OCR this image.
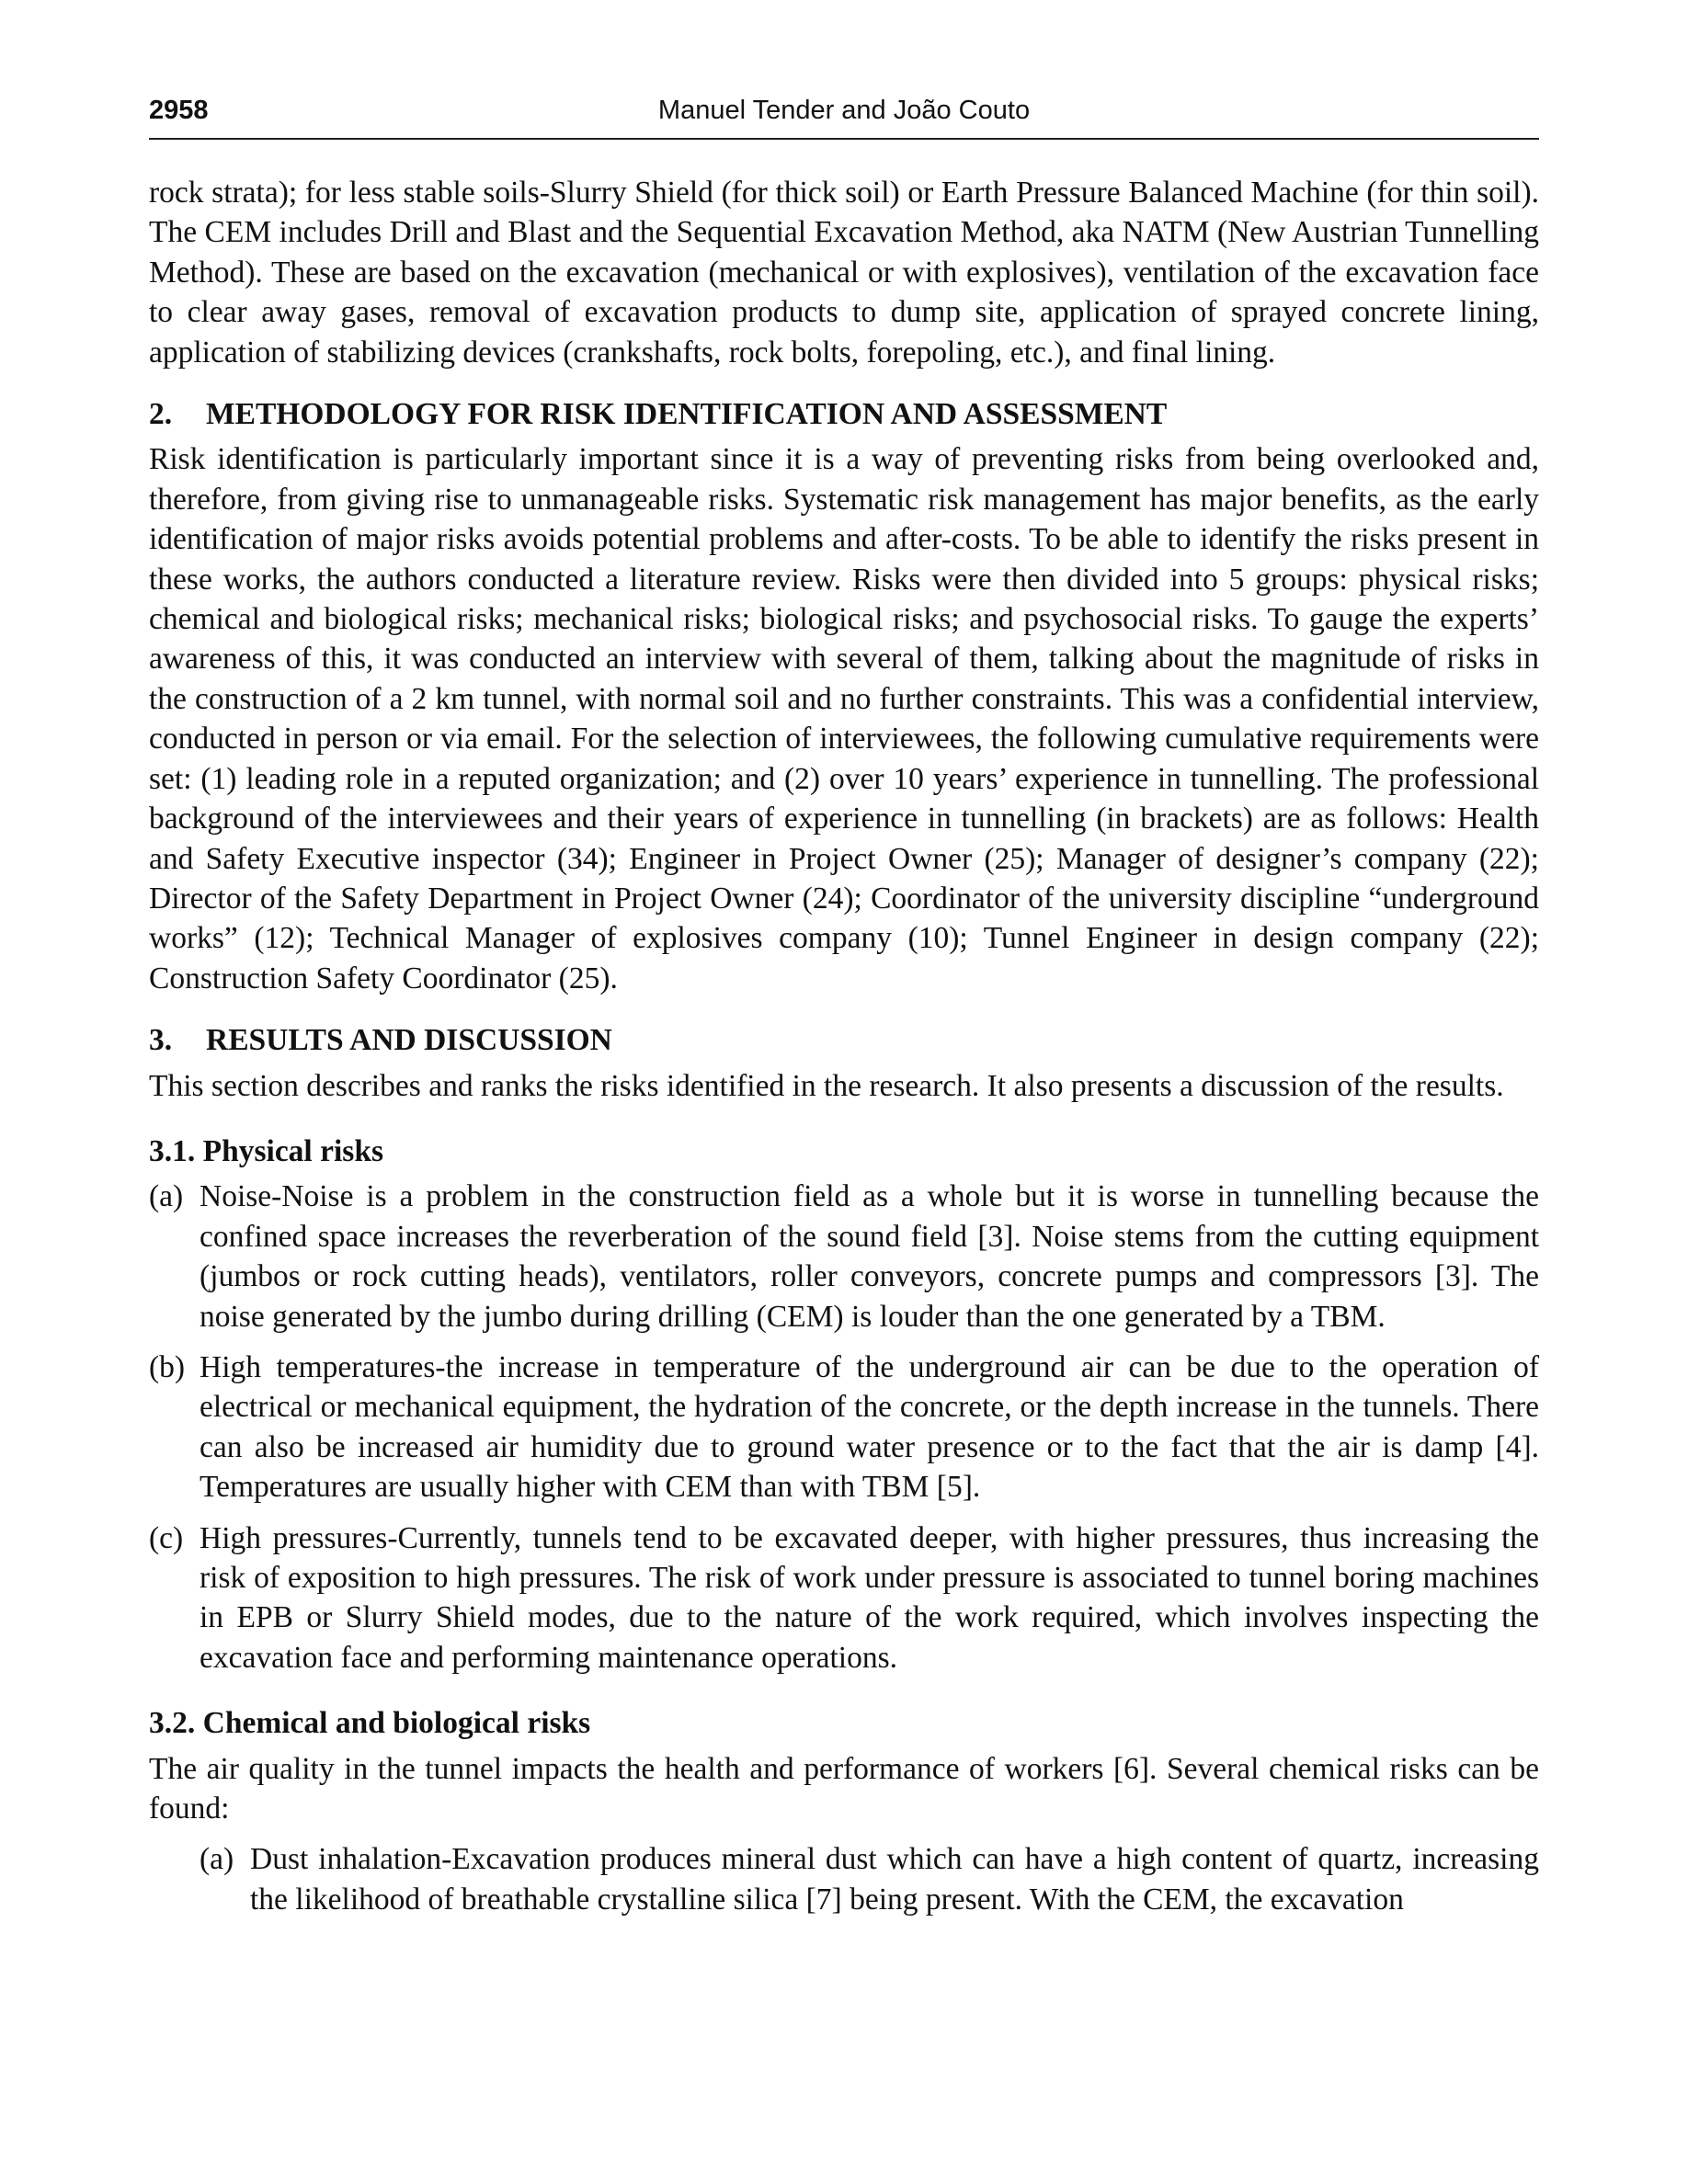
2958	Manuel Tender and João Couto

rock strata); for less stable soils-Slurry Shield (for thick soil) or Earth Pressure Balanced Machine (for thin soil). The CEM includes Drill and Blast and the Sequential Excavation Method, aka NATM (New Austrian Tunnelling Method). These are based on the excavation (mechanical or with explosives), ventilation of the excavation face to clear away gases, removal of excavation products to dump site, application of sprayed concrete lining, application of stabilizing devices (crankshafts, rock bolts, forepoling, etc.), and final lining.

2. METHODOLOGY FOR RISK IDENTIFICATION AND ASSESSMENT

Risk identification is particularly important since it is a way of preventing risks from being overlooked and, therefore, from giving rise to unmanageable risks. Systematic risk management has major benefits, as the early identification of major risks avoids potential problems and after-costs. To be able to identify the risks present in these works, the authors conducted a literature review. Risks were then divided into 5 groups: physical risks; chemical and biological risks; mechanical risks; biological risks; and psychosocial risks. To gauge the experts’ awareness of this, it was conducted an interview with several of them, talking about the magnitude of risks in the construction of a 2 km tunnel, with normal soil and no further constraints. This was a confidential interview, conducted in person or via email. For the selection of interviewees, the following cumulative requirements were set: (1) leading role in a reputed organization; and (2) over 10 years’ experience in tunnelling. The professional background of the interviewees and their years of experience in tunnelling (in brackets) are as follows: Health and Safety Executive inspector (34); Engineer in Project Owner (25); Manager of designer’s company (22); Director of the Safety Department in Project Owner (24); Coordinator of the university discipline “underground works” (12); Technical Manager of explosives company (10); Tunnel Engineer in design company (22); Construction Safety Coordinator (25).

3. RESULTS AND DISCUSSION

This section describes and ranks the risks identified in the research. It also presents a discussion of the results.

3.1. Physical risks
(a) Noise-Noise is a problem in the construction field as a whole but it is worse in tunnelling because the confined space increases the reverberation of the sound field [3]. Noise stems from the cutting equipment (jumbos or rock cutting heads), ventilators, roller conveyors, concrete pumps and compressors [3]. The noise generated by the jumbo during drilling (CEM) is louder than the one generated by a TBM.
(b) High temperatures-the increase in temperature of the underground air can be due to the operation of electrical or mechanical equipment, the hydration of the concrete, or the depth increase in the tunnels. There can also be increased air humidity due to ground water presence or to the fact that the air is damp [4]. Temperatures are usually higher with CEM than with TBM [5].
(c) High pressures-Currently, tunnels tend to be excavated deeper, with higher pressures, thus increasing the risk of exposition to high pressures. The risk of work under pressure is associated to tunnel boring machines in EPB or Slurry Shield modes, due to the nature of the work required, which involves inspecting the excavation face and performing maintenance operations.
3.2. Chemical and biological risks

The air quality in the tunnel impacts the health and performance of workers [6]. Several chemical risks can be found:

(a) Dust inhalation-Excavation produces mineral dust which can have a high content of quartz, increasing the likelihood of breathable crystalline silica [7] being present. With the CEM, the excavation
